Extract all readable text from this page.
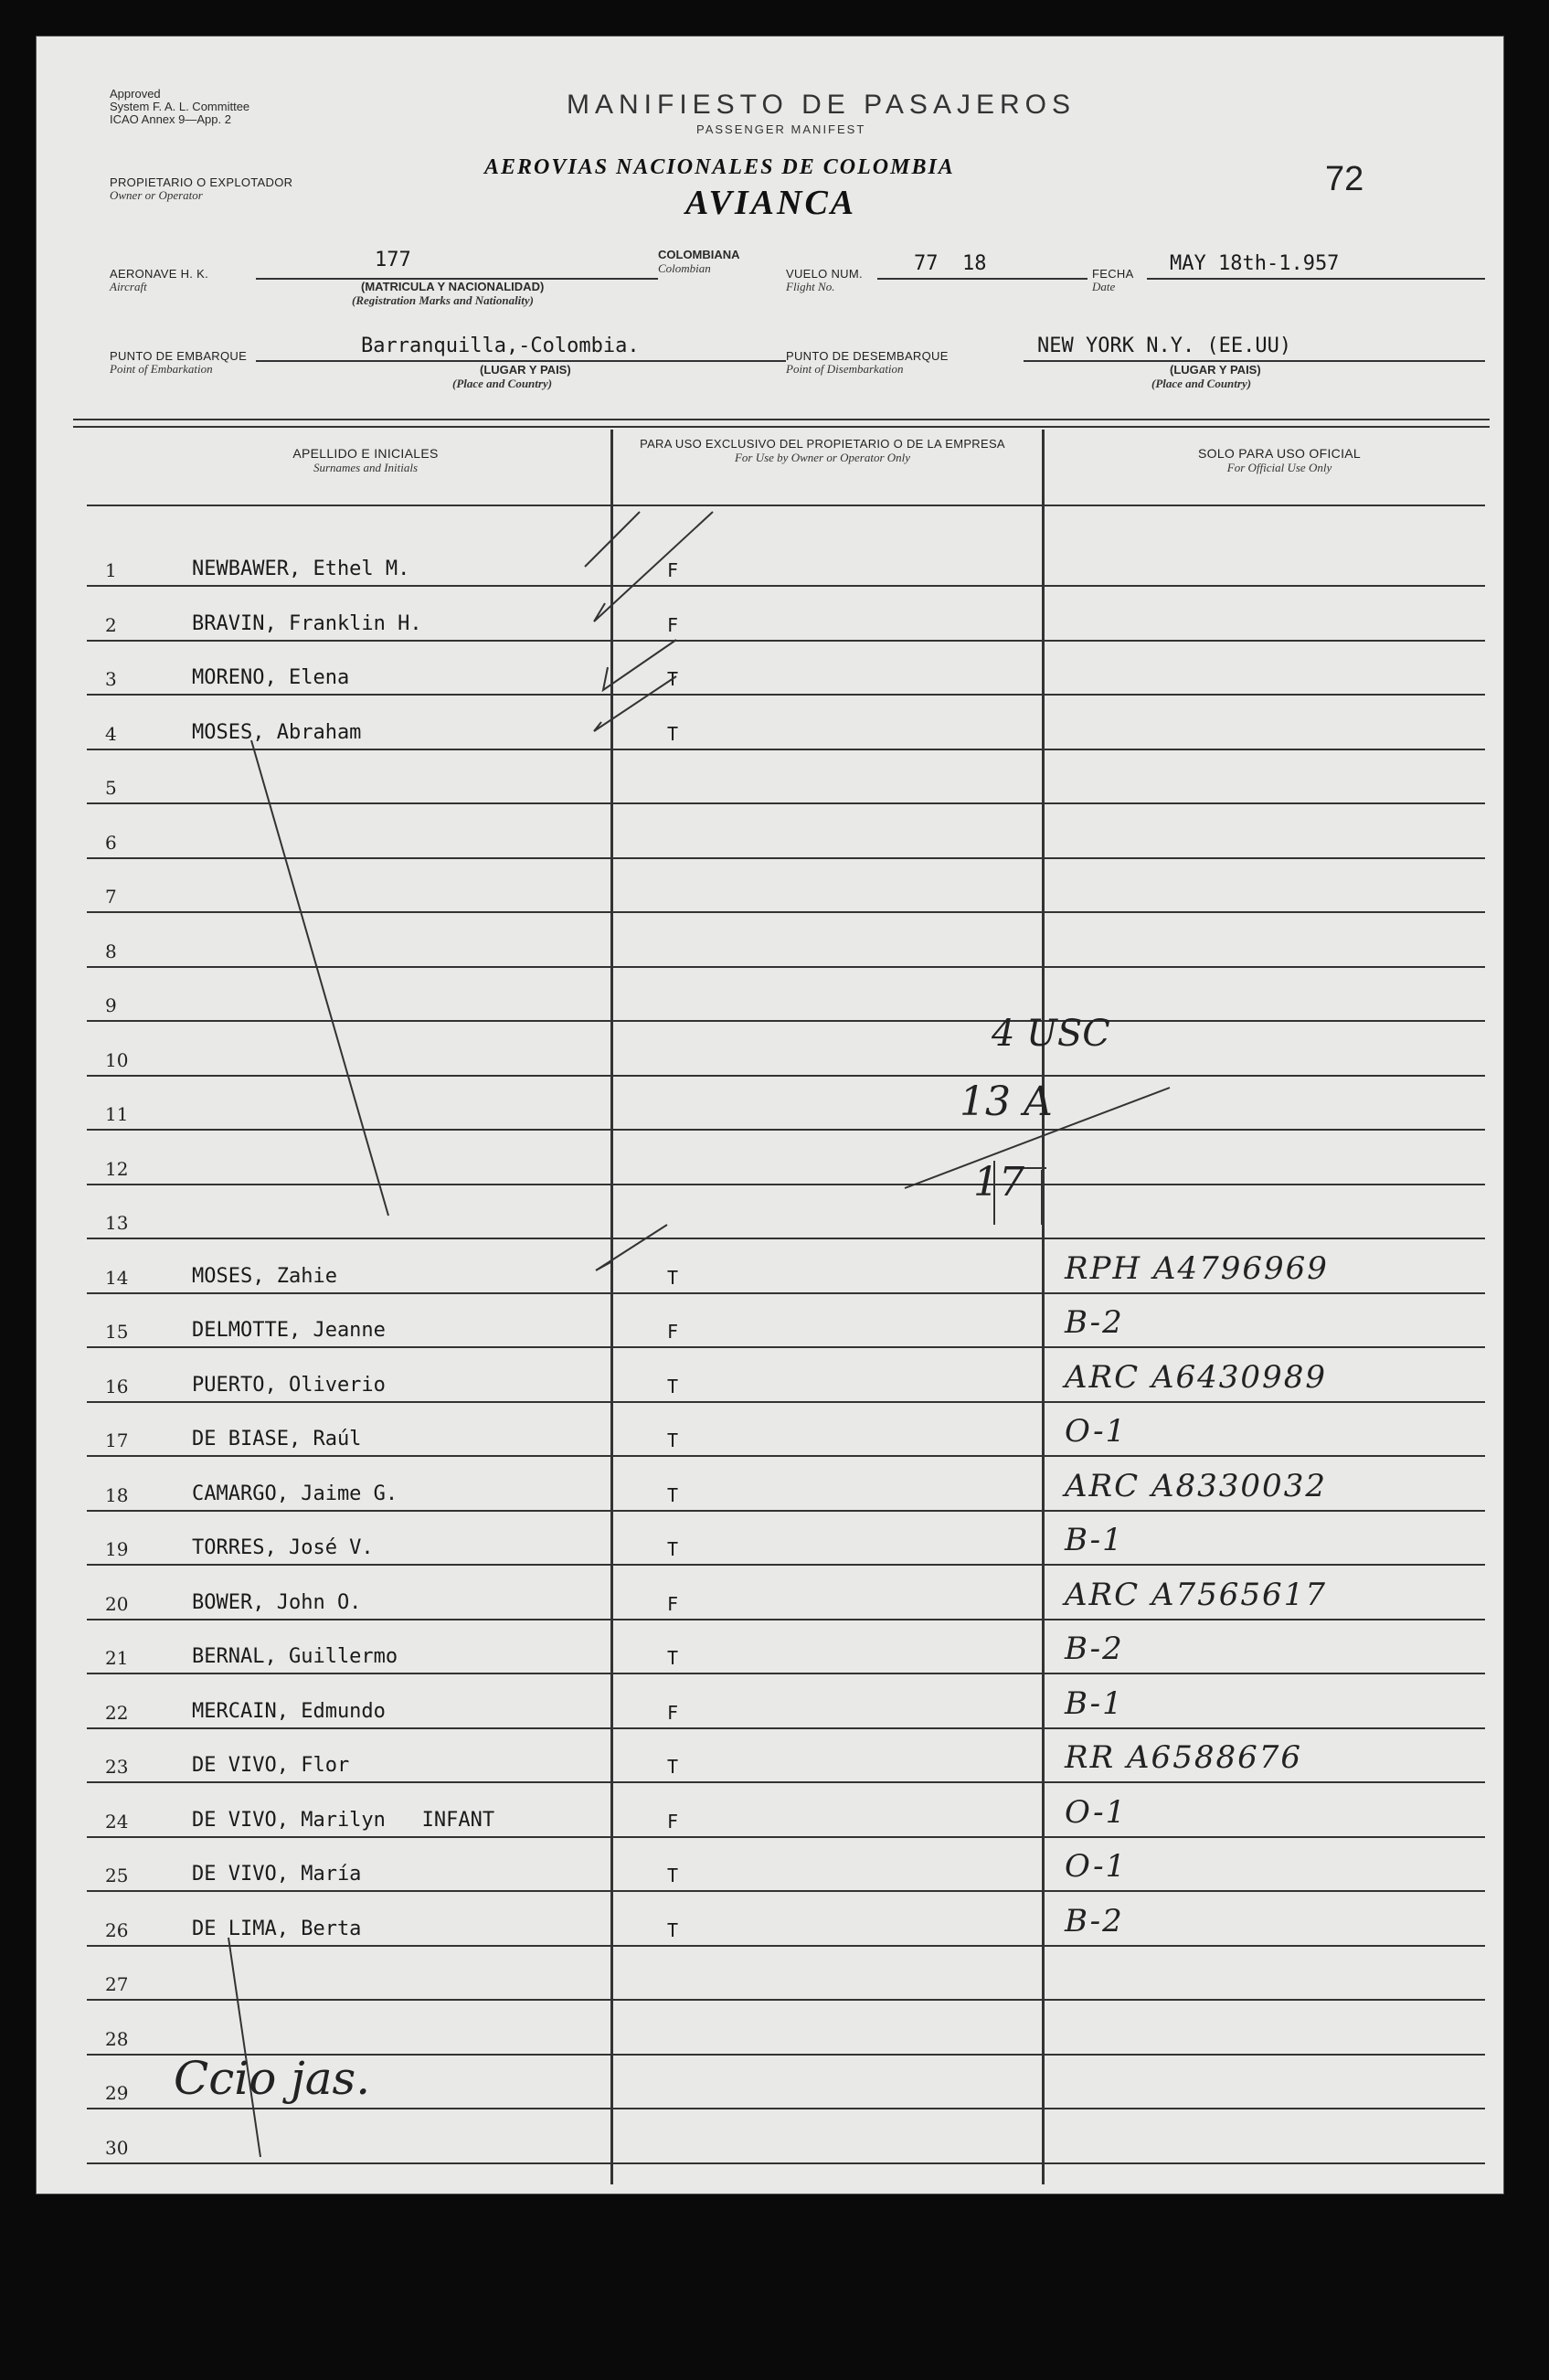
Approved
System F. A. L. Committee
ICAO Annex 9—App. 2	MANIFIESTO DE PASAJEROS
PASSENGER MANIFEST
PROPIETARIO O EXPLOTADOR
Owner or Operator
AEROVIAS NACIONALES DE COLOMBIA
AVIANCA
72
AERONAVE H. K.
Aircraft
177
(MATRICULA Y NACIONALIDAD)
(Registration Marks and Nationality)
COLOMBIANA
Colombian	VUELO NUM.
Flight No.
77  18	FECHA
Date
MAY 18th-1.957
PUNTO DE EMBARQUE
Point of Embarkation
Barranquilla,-Colombia.
(LUGAR Y PAIS)
(Place and Country)
PUNTO DE DESEMBARQUE
Point of Disembarkation
NEW YORK N.Y. (EE.UU)
(LUGAR Y PAIS)
(Place and Country)
APELLIDO E INICIALES
Surnames and Initials
PARA USO EXCLUSIVO DEL PROPIETARIO O DE LA EMPRESA
For Use by Owner or Operator Only	SOLO PARA USO OFICIAL
For Official Use Only
1	NEWBAWER, Ethel M.	F
2	BRAVIN, Franklin H.	F
3	MORENO, Elena	T
4	MOSES, Abraham	T
5
6
7
8
9
10
11
12
13
14	MOSES, Zahie	T	RPH A4796969
15	DELMOTTE, Jeanne	F	B-2
16	PUERTO, Oliverio	T	ARC A6430989
17	DE BIASE, Raúl	T	O-1
18	CAMARGO, Jaime G.	T	ARC A8330032
19	TORRES, José V.	T	B-1
20	BOWER, John O.	F	ARC A7565617
21	BERNAL, Guillermo	T	B-2
22	MERCAIN, Edmundo	F	B-1
23	DE VIVO, Flor	T	RR A6588676
24	DE VIVO, Marilyn   INFANT	F	O-1
25	DE VIVO, María	T	O-1
26	DE LIMA, Berta	T	B-2
27
28
29
30
4 USC
13 A
17
Ccio jas.
